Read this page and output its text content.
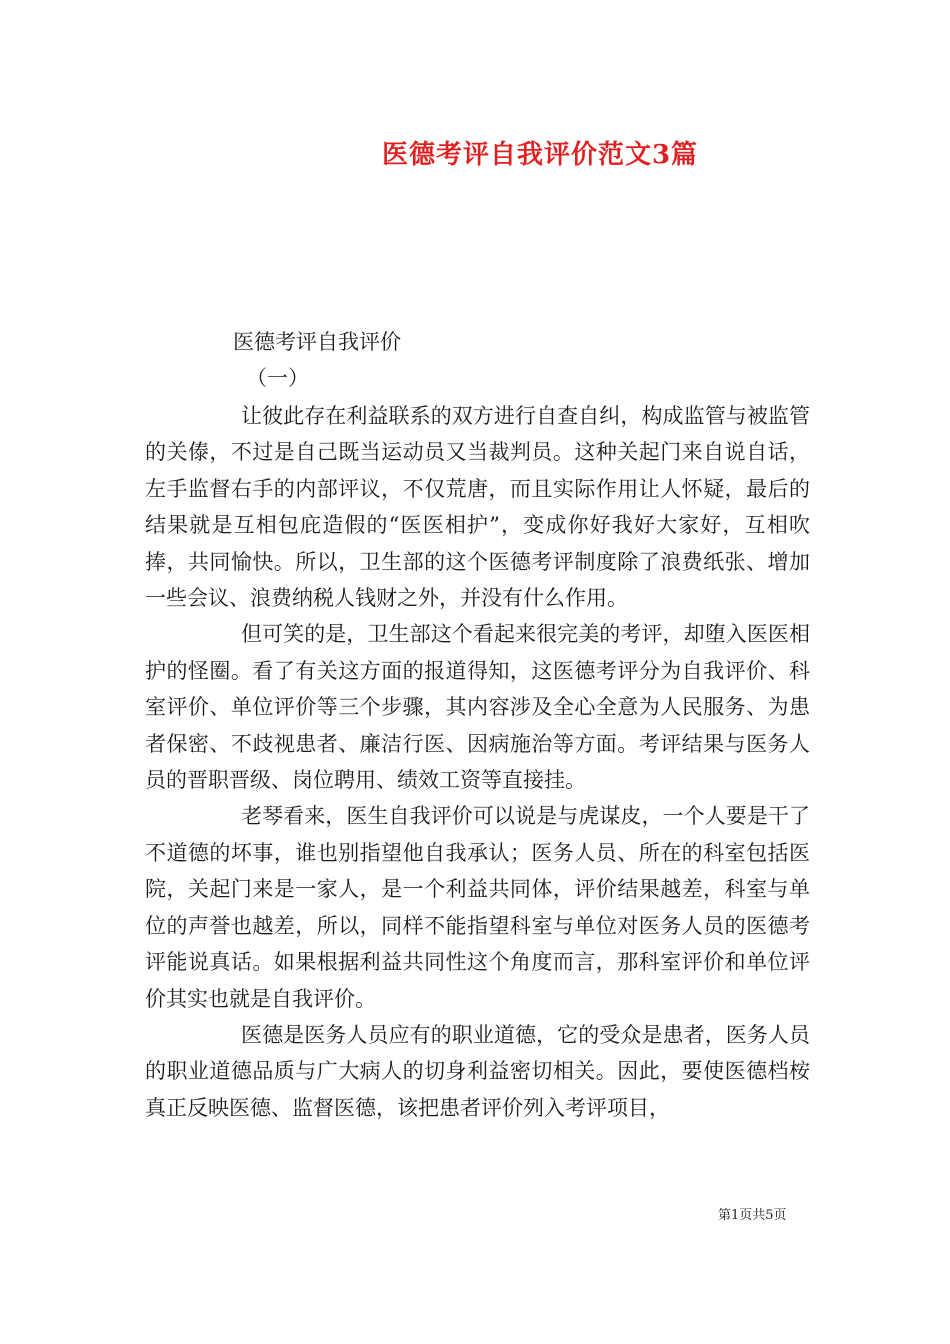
医德考评自我评价范文3篇
医德考评自我评价
（一）

让彼此存在利益联系的双方进行自查自纠，构成监管与被监管的关傣，不过是自己既当运动员又当裁判员。这种关起门来自说自话，左手监督右手的内部评议，不仅荒唐，而且实际作用让人怀疑，最后的结果就是互相包庇造假的“医医相护”，变成你好我好大家好，互相吹捧，共同愉快。所以，卫生部的这个医德考评制度除了浪费纸张、增加一些会议、浪费纳税人钱财之外，并没有什么作用。

但可笑的是，卫生部这个看起来很完美的考评，却堕入医医相护的怪圈。看了有关这方面的报道得知，这医德考评分为自我评价、科室评价、单位评价等三个步骤，其内容涉及全心全意为人民服务、为患者保密、不歧视患者、廉洁行医、因病施治等方面。考评结果与医务人员的晋职晋级、岗位聘用、绩效工资等直接挂。

老琴看来，医生自我评价可以说是与虎谋皮，一个人要是干了不道德的坏事，谁也别指望他自我承认；医务人员、所在的科室包括医院，关起门来是一家人，是一个利益共同体，评价结果越差，科室与单位的声誉也越差，所以，同样不能指望科室与单位对医务人员的医德考评能说真话。如果根据利益共同性这个角度而言，那科室评价和单位评价其实也就是自我评价。

医德是医务人员应有的职业道德，它的受众是患者，医务人员的职业道德品质与广大病人的切身利益密切相关。因此，要使医德档桉真正反映医德、监督医德，该把患者评价列入考评项目，

第1页共5页
